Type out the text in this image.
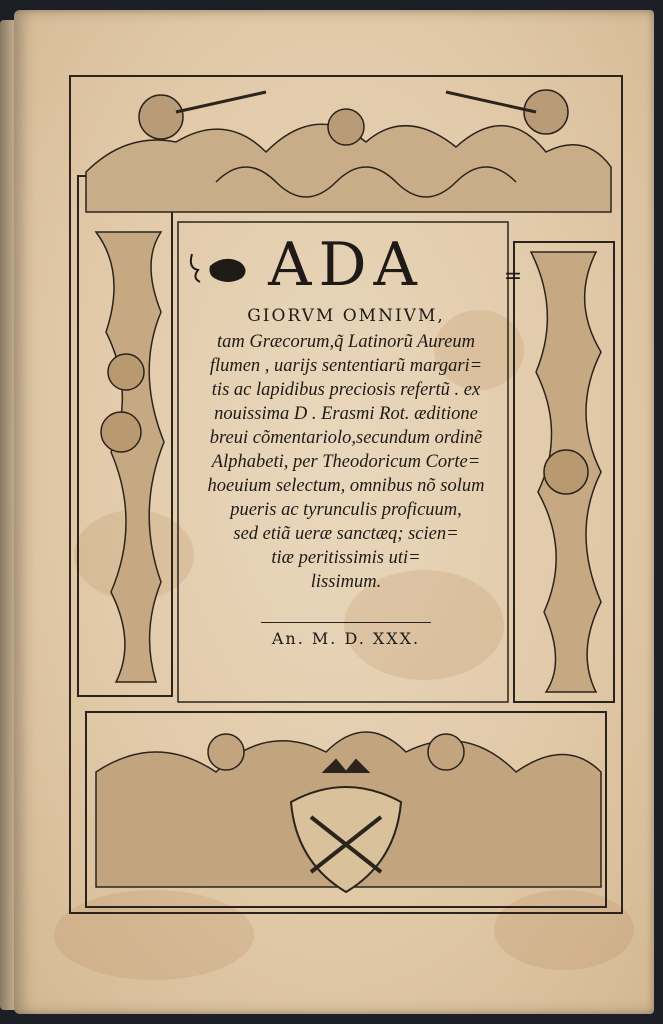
ADA	=
GIORVM OMNIVM,
tam Græcorum,q̃ Latinorũ Aureum
flumen , uarijs sententiarũ margari=
tis ac lapidibus preciosis refertũ . ex
nouissima D . Erasmi Rot. æditione
breui cõmentariolo,secundum ordinẽ
Alphabeti, per Theodoricum Corte=
hoeuium selectum, omnibus nõ solum
pueris ac tyrunculis proficuum,
sed etiã ueræ sanctæq; scien=
tiæ peritissimis uti=
lissimum.
An. M. D. XXX.
